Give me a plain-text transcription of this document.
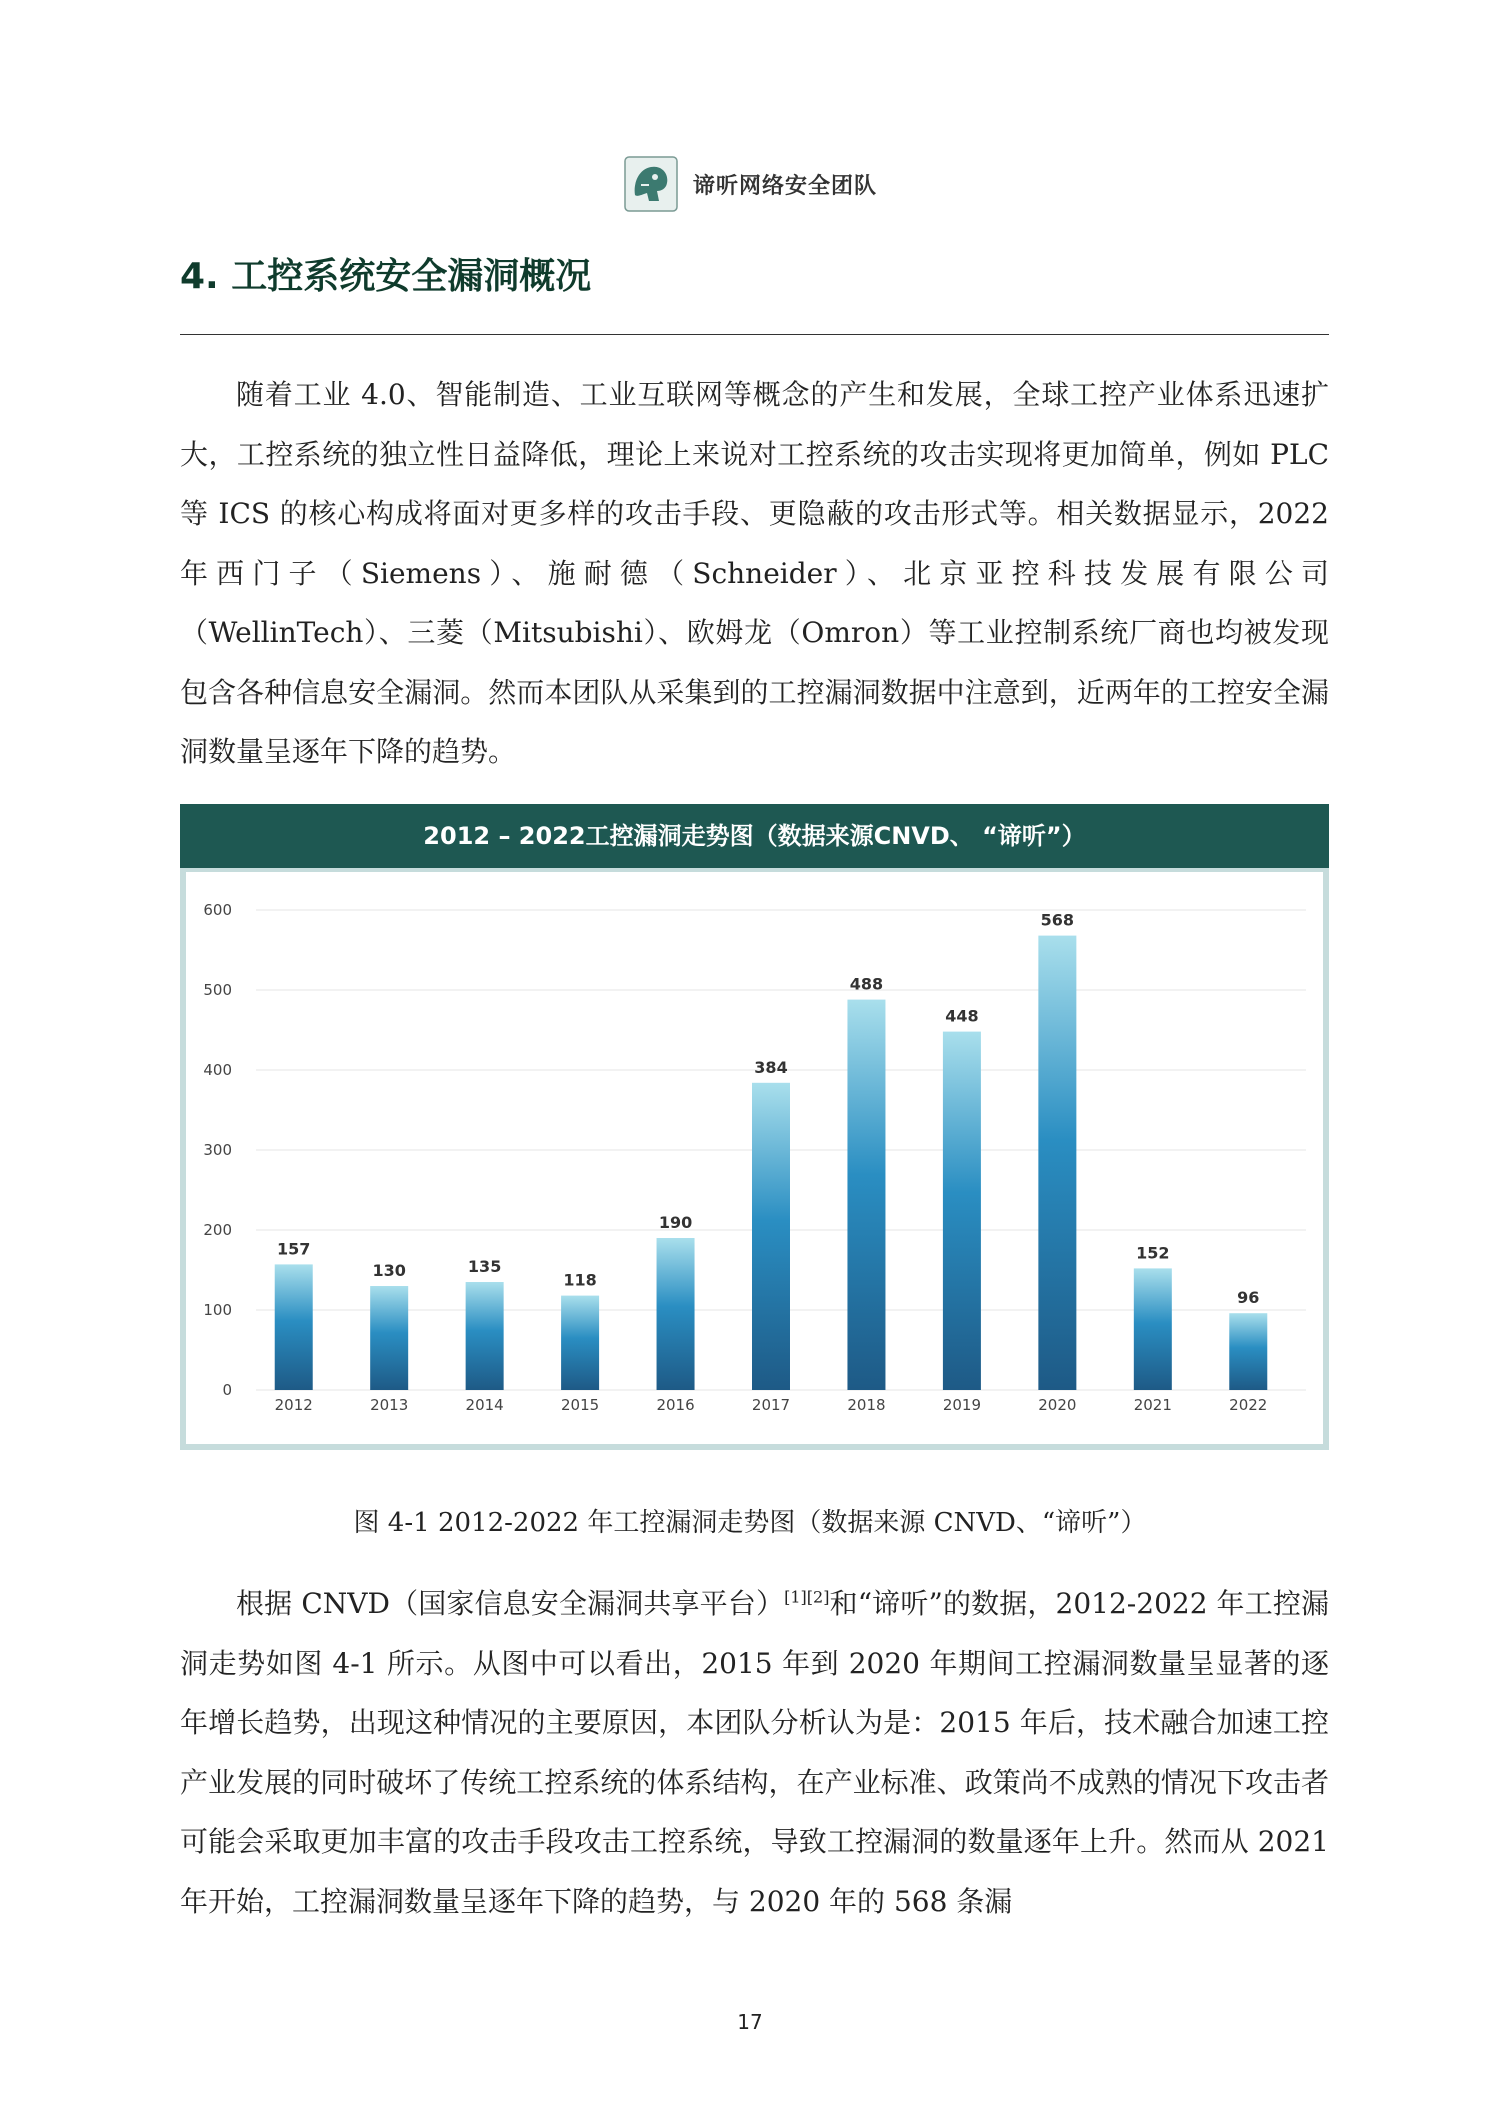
谛听网络安全团队
4. 工控系统安全漏洞概况

随着工业 4.0、智能制造、工业互联网等概念的产生和发展，全球工控产业体系迅速扩大，工控系统的独立性日益降低，理论上来说对工控系统的攻击实现将更加简单，例如 PLC 等 ICS 的核心构成将面对更多样的攻击手段、更隐蔽的攻击形式等。相关数据显示，2022 年西门子（Siemens）、施耐德（Schneider）、北京亚控科技发展有限公司（WellinTech）、三菱（Mitsubishi）、欧姆龙（Omron）等工业控制系统厂商也均被发现包含各种信息安全漏洞。然而本团队从采集到的工控漏洞数据中注意到，近两年的工控安全漏洞数量呈逐年下降的趋势。

2012 – 2022工控漏洞走势图（数据来源CNVD、 “谛听”）
0
100
200
300
400
500
600
157
2012
130
2013
135
2014
118
2015
190
2016
384
2017
488
2018
448
2019
568
2020
152
2021
96
2022

图 4-1 2012-2022 年工控漏洞走势图（数据来源 CNVD、“谛听”）

根据 CNVD（国家信息安全漏洞共享平台）[1][2]和“谛听”的数据，2012-2022 年工控漏洞走势如图 4-1 所示。从图中可以看出，2015 年到 2020 年期间工控漏洞数量呈显著的逐年增长趋势，出现这种情况的主要原因，本团队分析认为是：2015 年后，技术融合加速工控产业发展的同时破坏了传统工控系统的体系结构，在产业标准、政策尚不成熟的情况下攻击者可能会采取更加丰富的攻击手段攻击工控系统，导致工控漏洞的数量逐年上升。然而从 2021 年开始，工控漏洞数量呈逐年下降的趋势，与 2020 年的 568 条漏

17
